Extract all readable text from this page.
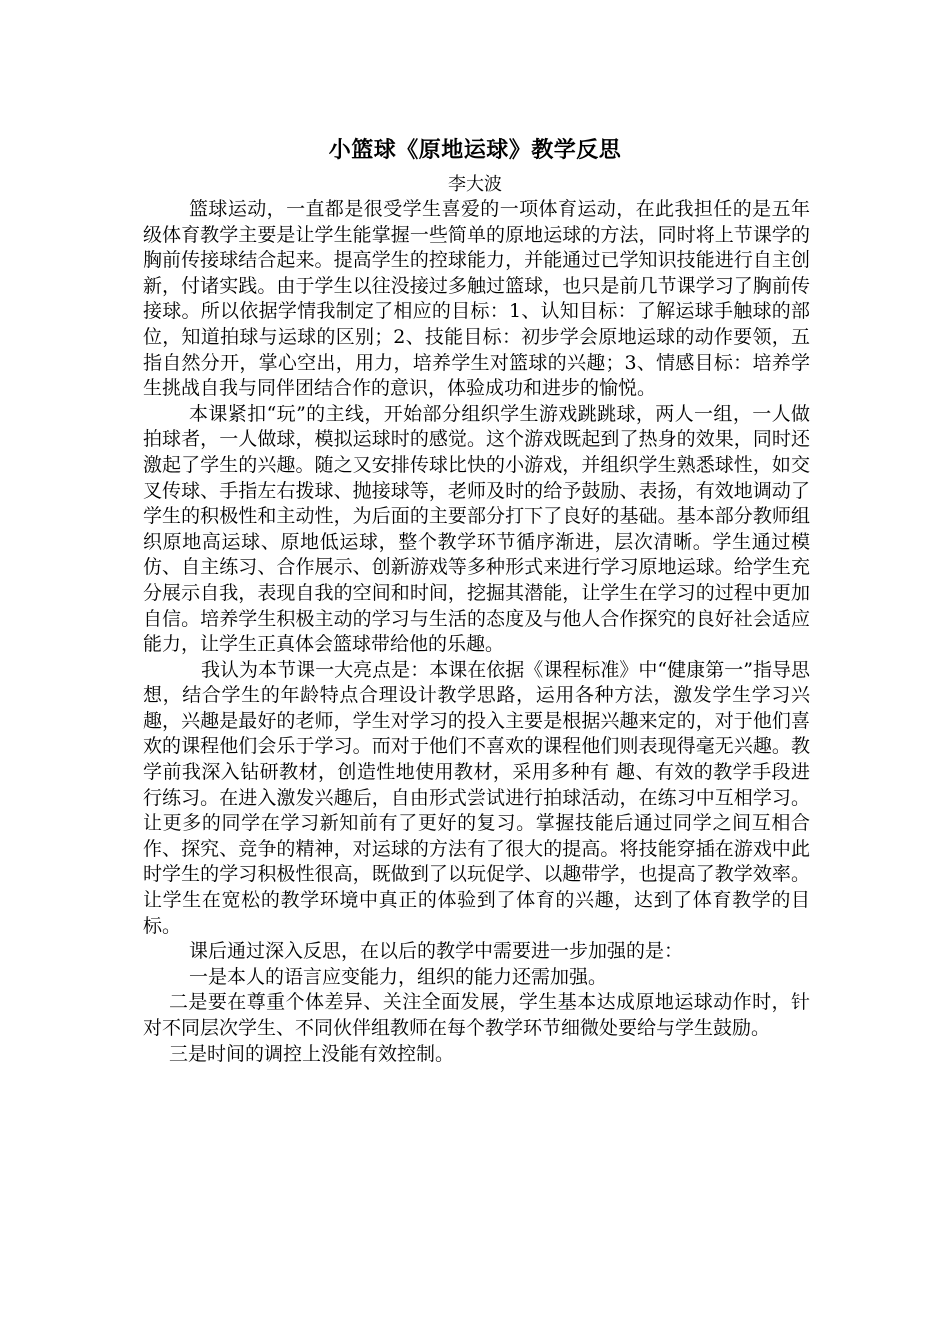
小篮球《原地运球》教学反思
李大波

篮球运动，一直都是很受学生喜爱的一项体育运动，在此我担任的是五年级体育教学主要是让学生能掌握一些简单的原地运球的方法，同时将上节课学的胸前传接球结合起来。提高学生的控球能力，并能通过已学知识技能进行自主创新，付诸实践。由于学生以往没接过多触过篮球，也只是前几节课学习了胸前传接球。所以依据学情我制定了相应的目标：1、认知目标：了解运球手触球的部位，知道拍球与运球的区别；2、技能目标：初步学会原地运球的动作要领，五指自然分开，掌心空出，用力，培养学生对篮球的兴趣；3、情感目标：培养学生挑战自我与同伴团结合作的意识，体验成功和进步的愉悦。

本课紧扣“玩”的主线，开始部分组织学生游戏跳跳球，两人一组，一人做拍球者，一人做球，模拟运球时的感觉。这个游戏既起到了热身的效果，同时还激起了学生的兴趣。随之又安排传球比快的小游戏，并组织学生熟悉球性，如交叉传球、手指左右拨球、抛接球等，老师及时的给予鼓励、表扬，有效地调动了学生的积极性和主动性，为后面的主要部分打下了良好的基础。基本部分教师组织原地高运球、原地低运球，整个教学环节循序渐进，层次清晰。学生通过模仿、自主练习、合作展示、创新游戏等多种形式来进行学习原地运球。给学生充分展示自我，表现自我的空间和时间，挖掘其潜能，让学生在学习的过程中更加自信。培养学生积极主动的学习与生活的态度及与他人合作探究的良好社会适应能力，让学生正真体会篮球带给他的乐趣。

我认为本节课一大亮点是：本课在依据《课程标准》中“健康第一”指导思想，结合学生的年龄特点合理设计教学思路，运用各种方法，激发学生学习兴趣，兴趣是最好的老师，学生对学习的投入主要是根据兴趣来定的，对于他们喜欢的课程他们会乐于学习。而对于他们不喜欢的课程他们则表现得毫无兴趣。教学前我深入钻研教材，创造性地使用教材，采用多种有 趣、有效的教学手段进行练习。在进入激发兴趣后，自由形式尝试进行拍球活动，在练习中互相学习。让更多的同学在学习新知前有了更好的复习。掌握技能后通过同学之间互相合作、探究、竞争的精神，对运球的方法有了很大的提高。将技能穿插在游戏中此时学生的学习积极性很高，既做到了以玩促学、以趣带学，也提高了教学效率。让学生在宽松的教学环境中真正的体验到了体育的兴趣，达到了体育教学的目标。

课后通过深入反思，在以后的教学中需要进一步加强的是：

一是本人的语言应变能力，组织的能力还需加强。

二是要在尊重个体差异、关注全面发展，学生基本达成原地运球动作时，针对不同层次学生、不同伙伴组教师在每个教学环节细微处要给与学生鼓励。

三是时间的调控上没能有效控制。
